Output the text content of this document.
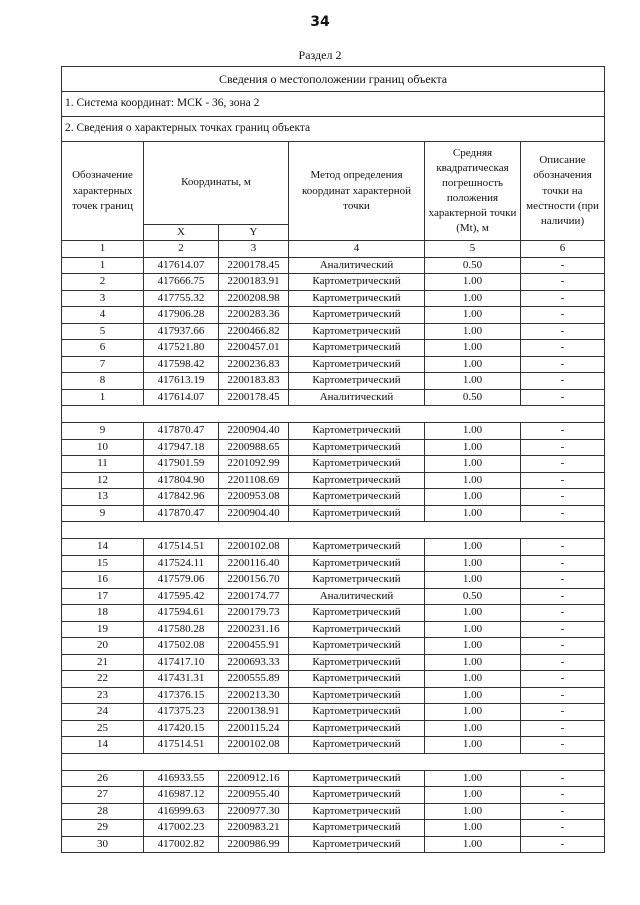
34
Раздел 2
Сведения о местоположении границ объекта					
1. Система координат: МСК - 36, зона 2					
2. Сведения о характерных точках границ объекта					
Обозначение характерных точек границ	Координаты, м		Метод определения координат характерной точки	Средняя квадратическая погрешность положения характерной точки (Mt), м	Описание обозначения точки на местности (при наличии)
	X	Y			
1	2	3	4	5	6
1	417614.07	2200178.45	Аналитический	0.50	-
2	417666.75	2200183.91	Картометрический	1.00	-
3	417755.32	2200208.98	Картометрический	1.00	-
4	417906.28	2200283.36	Картометрический	1.00	-
5	417937.66	2200466.82	Картометрический	1.00	-
6	417521.80	2200457.01	Картометрический	1.00	-
7	417598.42	2200236.83	Картометрический	1.00	-
8	417613.19	2200183.83	Картометрический	1.00	-
1	417614.07	2200178.45	Аналитический	0.50	-

9	417870.47	2200904.40	Картометрический	1.00	-
10	417947.18	2200988.65	Картометрический	1.00	-
11	417901.59	2201092.99	Картометрический	1.00	-
12	417804.90	2201108.69	Картометрический	1.00	-
13	417842.96	2200953.08	Картометрический	1.00	-
9	417870.47	2200904.40	Картометрический	1.00	-

14	417514.51	2200102.08	Картометрический	1.00	-
15	417524.11	2200116.40	Картометрический	1.00	-
16	417579.06	2200156.70	Картометрический	1.00	-
17	417595.42	2200174.77	Аналитический	0.50	-
18	417594.61	2200179.73	Картометрический	1.00	-
19	417580.28	2200231.16	Картометрический	1.00	-
20	417502.08	2200455.91	Картометрический	1.00	-
21	417417.10	2200693.33	Картометрический	1.00	-
22	417431.31	2200555.89	Картометрический	1.00	-
23	417376.15	2200213.30	Картометрический	1.00	-
24	417375.23	2200138.91	Картометрический	1.00	-
25	417420.15	2200115.24	Картометрический	1.00	-
14	417514.51	2200102.08	Картометрический	1.00	-

26	416933.55	2200912.16	Картометрический	1.00	-
27	416987.12	2200955.40	Картометрический	1.00	-
28	416999.63	2200977.30	Картометрический	1.00	-
29	417002.23	2200983.21	Картометрический	1.00	-
30	417002.82	2200986.99	Картометрический	1.00	-
